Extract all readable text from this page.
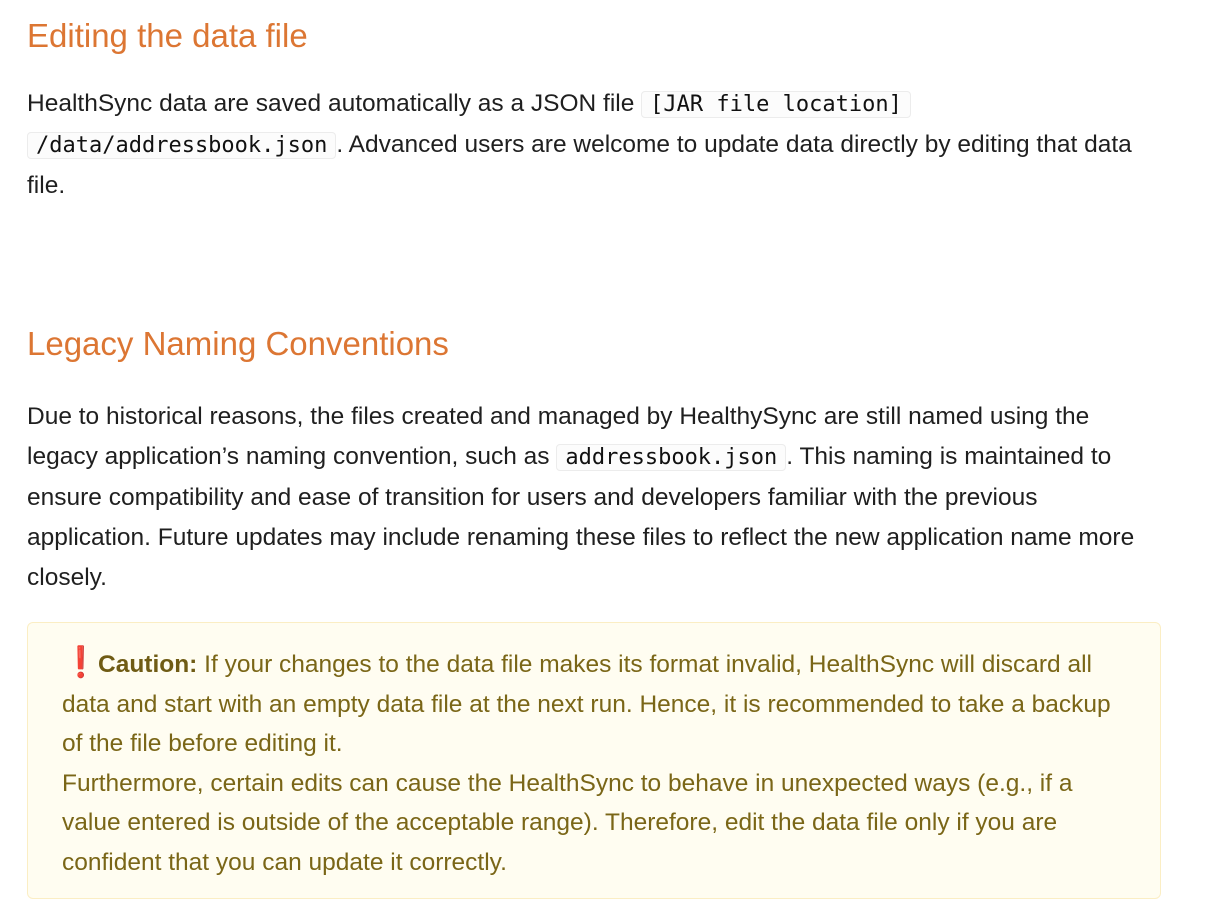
Editing the data file

HealthSync data are saved automatically as a JSON file [JAR file location]
/data/addressbook.json . Advanced users are welcome to update data directly by editing that data file.

Legacy Naming Conventions

Due to historical reasons, the files created and managed by HealthySync are still named using the legacy application’s naming convention, such as addressbook.json . This naming is maintained to ensure compatibility and ease of transition for users and developers familiar with the previous application. Future updates may include renaming these files to reflect the new application name more closely.

❗Caution: If your changes to the data file makes its format invalid, HealthSync will discard all data and start with an empty data file at the next run. Hence, it is recommended to take a backup of the file before editing it.
Furthermore, certain edits can cause the HealthSync to behave in unexpected ways (e.g., if a value entered is outside of the acceptable range). Therefore, edit the data file only if you are confident that you can update it correctly.
